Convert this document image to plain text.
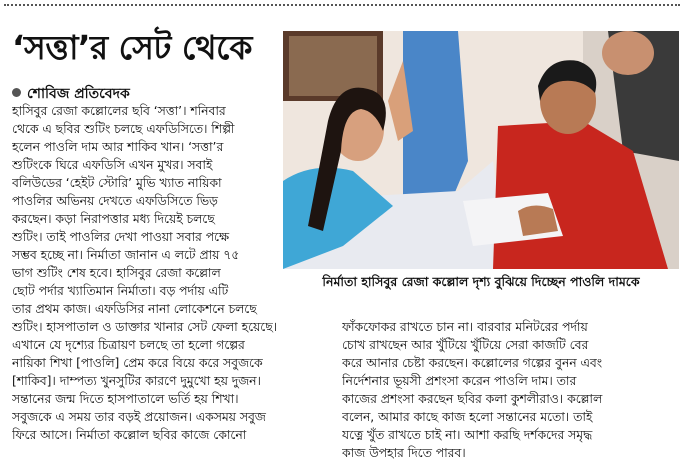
‘সত্তা’র সেট থেকে
শোবিজ প্রতিবেদক
হাসিবুর রেজা কল্লোলের ছবি ‘সত্তা’। শনিবার
থেকে এ ছবির শুটিং চলছে এফডিসিতে। শিল্পী
হলেন পাওলি দাম আর শাকিব খান। ‘সত্তা’র
শুটিংকে ঘিরে এফডিসি এখন মুখর। সবাই
বলিউডের ‘হেইট স্টোরি’ মুভি খ্যাত নায়িকা
পাওলির অভিনয় দেখতে এফডিসিতে ভিড়
করছেন। কড়া নিরাপত্তার মধ্য দিয়েই চলছে
শুটিং। তাই পাওলির দেখা পাওয়া সবার পক্ষে
সম্ভব হচ্ছে না। নির্মাতা জানান এ লটে প্রায় ৭৫
ভাগ শুটিং শেষ হবে। হাসিবুর রেজা কল্লোল
ছোট পর্দার খ্যাতিমান নির্মাতা। বড় পর্দায় এটি
তার প্রথম কাজ। এফডিসির নানা লোকেশনে চলছে
নির্মাতা হাসিবুর রেজা কল্লোল দৃশ্য বুঝিয়ে দিচ্ছেন পাওলি দামকে
শুটিং। হাসপাতাল ও ডাক্তার খানার সেট ফেলা হয়েছে।
এখানে যে দৃশ্যের চিত্রায়ণ চলছে তা হলো গল্পের
নায়িকা শিখা [পাওলি] প্রেম করে বিয়ে করে সবুজকে
[শাকিব]। দাম্পত্য খুনসুটির কারণে দুমুখো হয় দুজন।
সন্তানের জন্ম দিতে হাসপাতালে ভর্তি হয় শিখা।
সবুজকে এ সময় তার বড়ই প্রয়োজন। একসময় সবুজ
ফিরে আসে। নির্মাতা কল্লোল ছবির কাজে কোনো
ফাঁকফোকর রাখতে চান না। বারবার মনিটরের পর্দায়
চোখ রাখছেন আর খুঁটিয়ে খুঁটিয়ে সেরা কাজটি বের
করে আনার চেষ্টা করছেন। কল্লোলের গল্পের বুনন এবং
নির্দেশনার ভূয়সী প্রশংসা করেন পাওলি দাম। তার
কাজের প্রশংসা করছেন ছবির কলা কুশলীরাও। কল্লোল
বলেন, আমার কাছে কাজ হলো সন্তানের মতো। তাই
যত্নে খুঁত রাখতে চাই না। আশা করছি দর্শকদের সমৃদ্ধ
কাজ উপহার দিতে পারব।
